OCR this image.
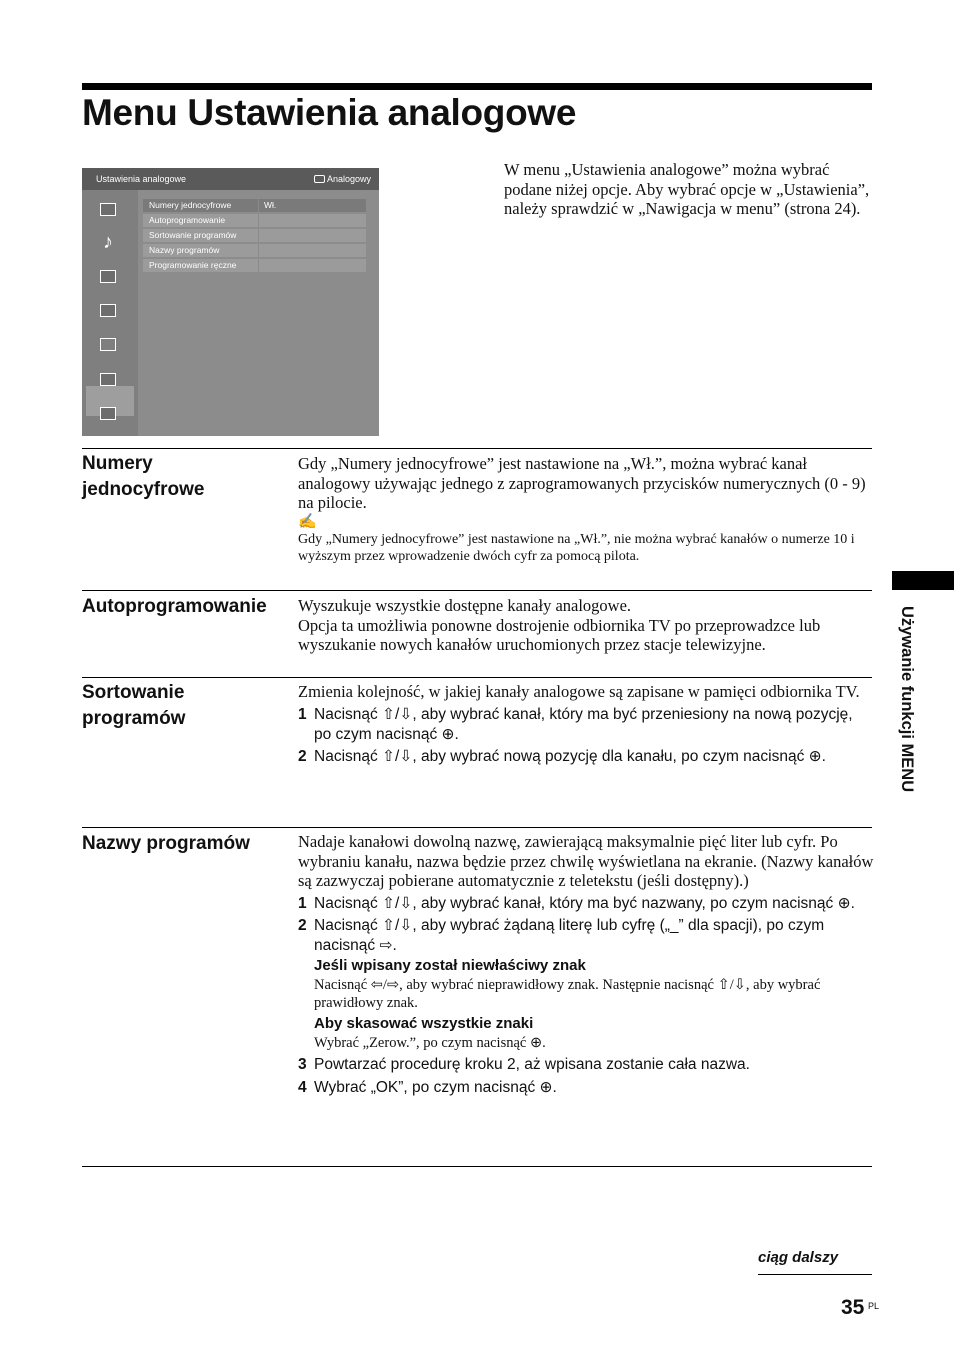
Menu Ustawienia analogowe
W menu „Ustawienia analogowe” można wybrać podane niżej opcje. Aby wybrać opcje w „Ustawienia”, należy sprawdzić w „Nawigacja w menu” (strona 24).
Ustawienia analogowe	Analogowy
♪
Numery jednocyfrowe	Wł.
Autoprogramowanie
Sortowanie programów
Nazwy programów
Programowanie ręczne
Numery jednocyfrowe
Gdy „Numery jednocyfrowe” jest nastawione na „Wł.”, można wybrać kanał analogowy używając jednego z zaprogramowanych przycisków numerycznych (0 - 9) na pilocie.
✍
Gdy „Numery jednocyfrowe” jest nastawione na „Wł.”, nie można wybrać kanałów o numerze 10 i wyższym przez wprowadzenie dwóch cyfr za pomocą pilota.
Autoprogramowanie Wyszukuje wszystkie dostępne kanały analogowe.
Opcja ta umożliwia ponowne dostrojenie odbiornika TV po przeprowadzce lub wyszukanie nowych kanałów uruchomionych przez stacje telewizyjne.
Sortowanie programów
Zmienia kolejność, w jakiej kanały analogowe są zapisane w pamięci odbiornika TV.
1 Nacisnąć ⇧/⇩, aby wybrać kanał, który ma być przeniesiony na nową pozycję, po czym nacisnąć ⊕.
2 Nacisnąć ⇧/⇩, aby wybrać nową pozycję dla kanału, po czym nacisnąć ⊕.
Nazwy programów	Nadaje kanałowi dowolną nazwę, zawierającą maksymalnie pięć liter lub cyfr. Po wybraniu kanału, nazwa będzie przez chwilę wyświetlana na ekranie. (Nazwy kanałów są zazwyczaj pobierane automatycznie z teletekstu (jeśli dostępny).)
1 Nacisnąć ⇧/⇩, aby wybrać kanał, który ma być nazwany, po czym nacisnąć ⊕.
2 Nacisnąć ⇧/⇩, aby wybrać żądaną literę lub cyfrę („_” dla spacji), po czym nacisnąć ⇨.
Jeśli wpisany został niewłaściwy znak
Nacisnąć ⇦/⇨, aby wybrać nieprawidłowy znak. Następnie nacisnąć ⇧/⇩, aby wybrać prawidłowy znak.
Aby skasować wszystkie znaki
Wybrać „Zerow.”, po czym nacisnąć ⊕.
3 Powtarzać procedurę kroku 2, aż wpisana zostanie cała nazwa.
4 Wybrać „OK”, po czym nacisnąć ⊕.
Używanie funkcji MENU
ciąg dalszy
35 PL
